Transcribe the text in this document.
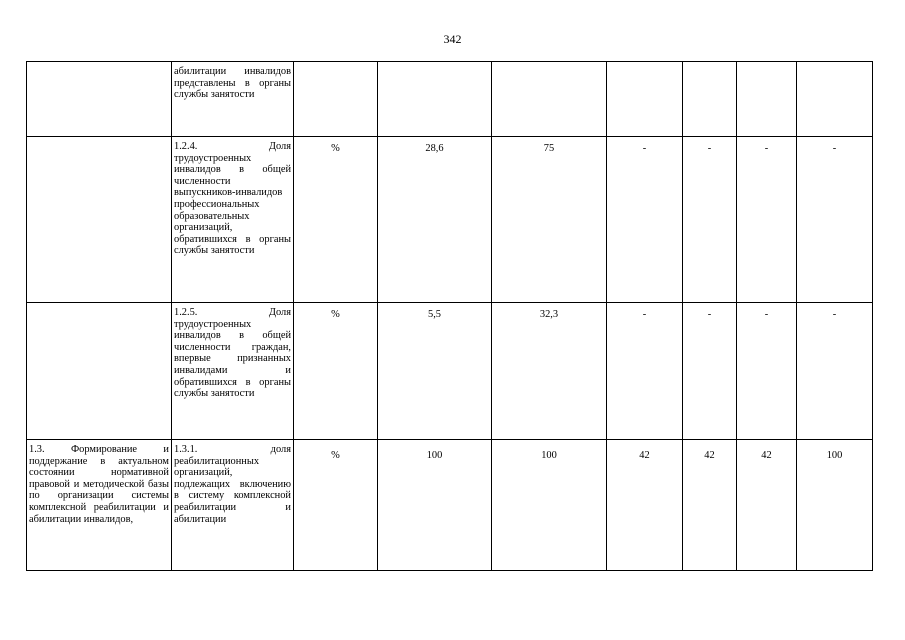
342
	абилитации инвалидов представлены в органы службы занятости							
	1.2.4. Доля трудоустроенных инвалидов в общей численности выпускников-инвалидов профессиональных образовательных организаций, обратившихся в органы службы занятости	%	28,6	75	-	-	-	-
	1.2.5. Доля трудоустроенных инвалидов в общей численности граждан, впервые признанных инвалидами и обратившихся в органы службы занятости	%	5,5	32,3	-	-	-	-
1.3. Формирование и поддержание в актуальном состоянии нормативной правовой и методической базы по организации системы комплексной реабилитации и абилитации инвалидов,	1.3.1. доля реабилитационных организаций, подлежащих включению в систему комплексной реабилитации и абилитации	%	100	100	42	42	42	100
